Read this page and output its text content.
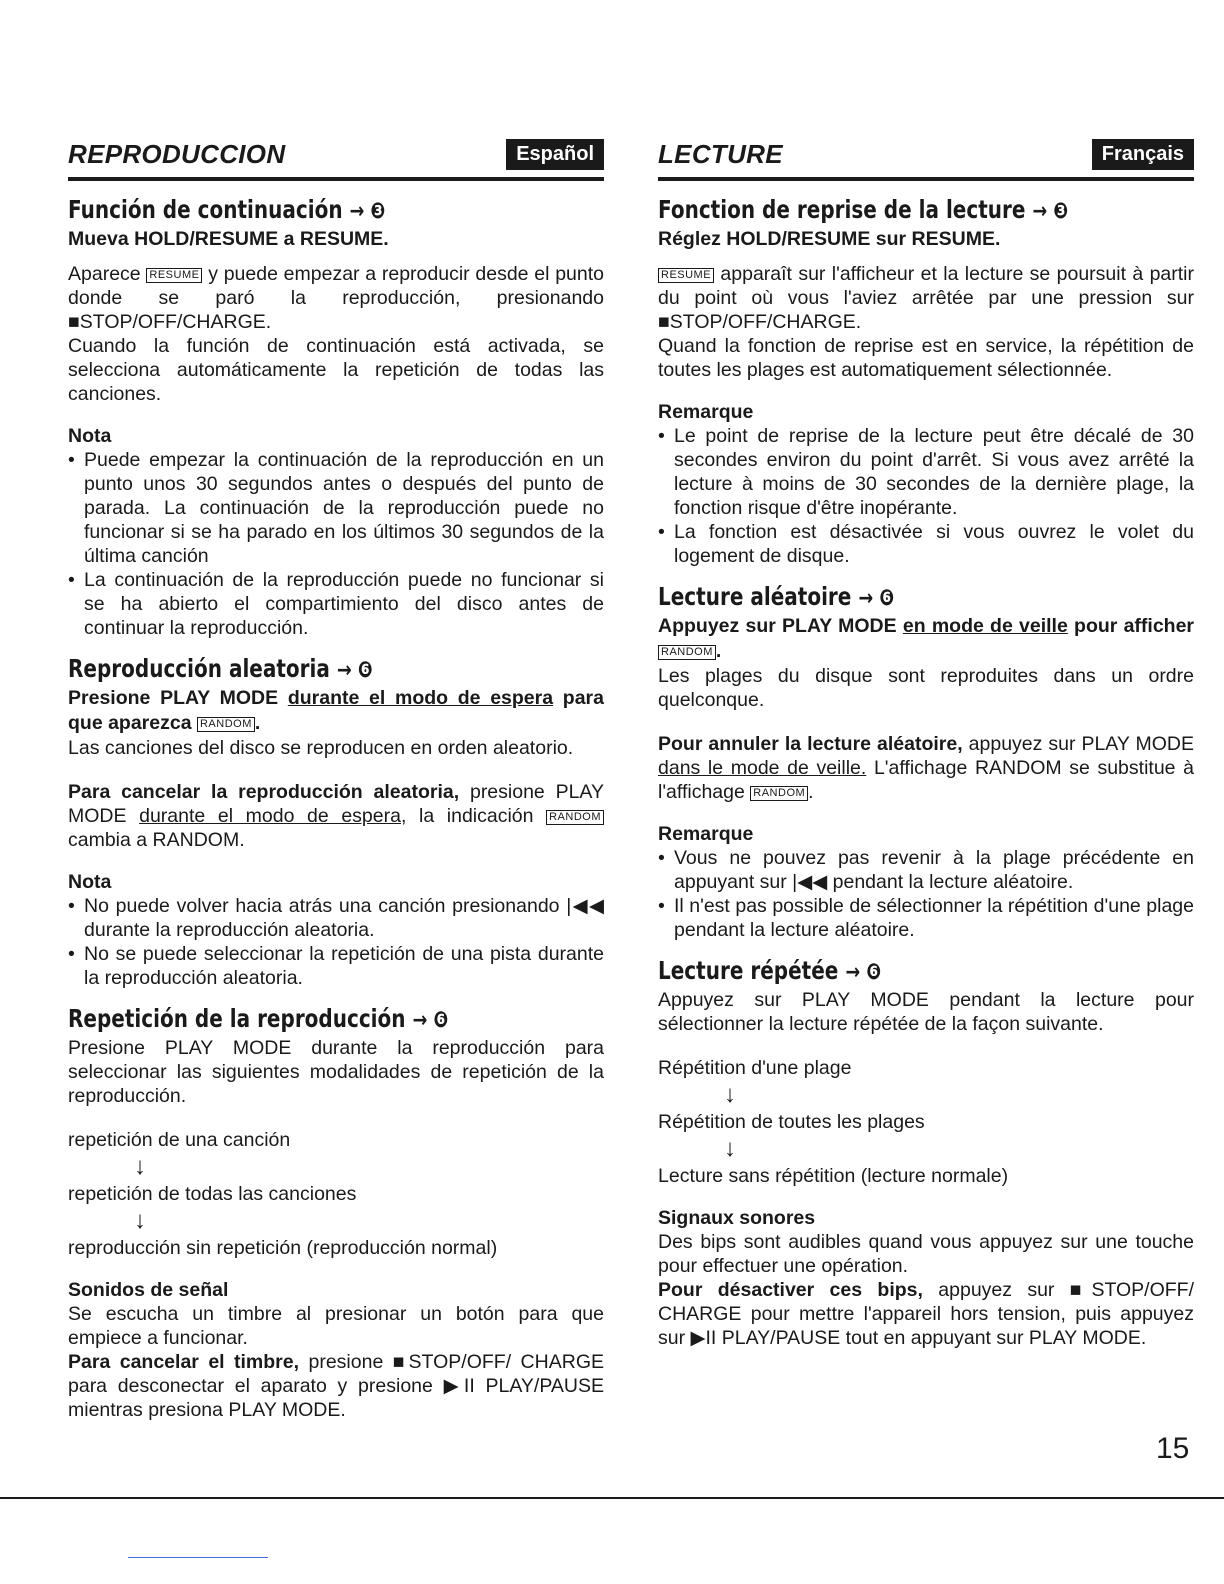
REPRODUCCION	Español
Función de continuación → ❸
Mueva HOLD/RESUME a RESUME.

Aparece RESUME y puede empezar a reproducir desde el punto donde se paró la reproducción, presionando ■STOP/OFF/CHARGE.

Cuando la función de continuación está activada, se selecciona automáticamente la repetición de todas las canciones.

Nota
• Puede empezar la continuación de la reproducción en un punto unos 30 segundos antes o después del punto de parada. La continuación de la reproducción puede no funcionar si se ha parado en los últimos 30 segundos de la última canción
• La continuación de la reproducción puede no funcionar si se ha abierto el compartimiento del disco antes de continuar la reproducción.
Reproducción aleatoria → ❻
Presione PLAY MODE durante el modo de espera para que aparezca RANDOM .

Las canciones del disco se reproducen en orden aleatorio.

Para cancelar la reproducción aleatoria, presione PLAY MODE durante el modo de espera, la indicación RANDOM cambia a RANDOM.

Nota
• No puede volver hacia atrás una canción presionando |◀◀ durante la reproducción aleatoria.
• No se puede seleccionar la repetición de una pista durante la reproducción aleatoria.
Repetición de la reproducción → ❻

Presione PLAY MODE durante la reproducción para seleccionar las siguientes modalidades de repetición de la reproducción.

repetición de una canción
↓
repetición de todas las canciones
↓
reproducción sin repetición (reproducción normal)
Sonidos de señal

Se escucha un timbre al presionar un botón para que empiece a funcionar.

Para cancelar el timbre, presione ■STOP/OFF/ CHARGE para desconectar el aparato y presione ▶II PLAY/PAUSE mientras presiona PLAY MODE.

LECTURE	Français
Fonction de reprise de la lecture → ❸
Réglez HOLD/RESUME sur RESUME.

RESUME apparaît sur l'afficheur et la lecture se poursuit à partir du point où vous l'aviez arrêtée par une pression sur ■STOP/OFF/CHARGE.

Quand la fonction de reprise est en service, la répétition de toutes les plages est automatiquement sélectionnée.

Remarque
• Le point de reprise de la lecture peut être décalé de 30 secondes environ du point d'arrêt. Si vous avez arrêté la lecture à moins de 30 secondes de la dernière plage, la fonction risque d'être inopérante.
• La fonction est désactivée si vous ouvrez le volet du logement de disque.
Lecture aléatoire → ❻
Appuyez sur PLAY MODE en mode de veille pour afficher RANDOM .

Les plages du disque sont reproduites dans un ordre quelconque.

Pour annuler la lecture aléatoire, appuyez sur PLAY MODE dans le mode de veille. L'affichage RANDOM se substitue à l'affichage RANDOM .

Remarque
• Vous ne pouvez pas revenir à la plage précédente en appuyant sur |◀◀ pendant la lecture aléatoire.
• Il n'est pas possible de sélectionner la répétition d'une plage pendant la lecture aléatoire.
Lecture répétée → ❻

Appuyez sur PLAY MODE pendant la lecture pour sélectionner la lecture répétée de la façon suivante.

Répétition d'une plage
↓
Répétition de toutes les plages
↓
Lecture sans répétition (lecture normale)
Signaux sonores

Des bips sont audibles quand vous appuyez sur une touche pour effectuer une opération.

Pour désactiver ces bips, appuyez sur ■STOP/OFF/ CHARGE pour mettre l'appareil hors tension, puis appuyez sur ▶II PLAY/PAUSE tout en appuyant sur PLAY MODE.

15
